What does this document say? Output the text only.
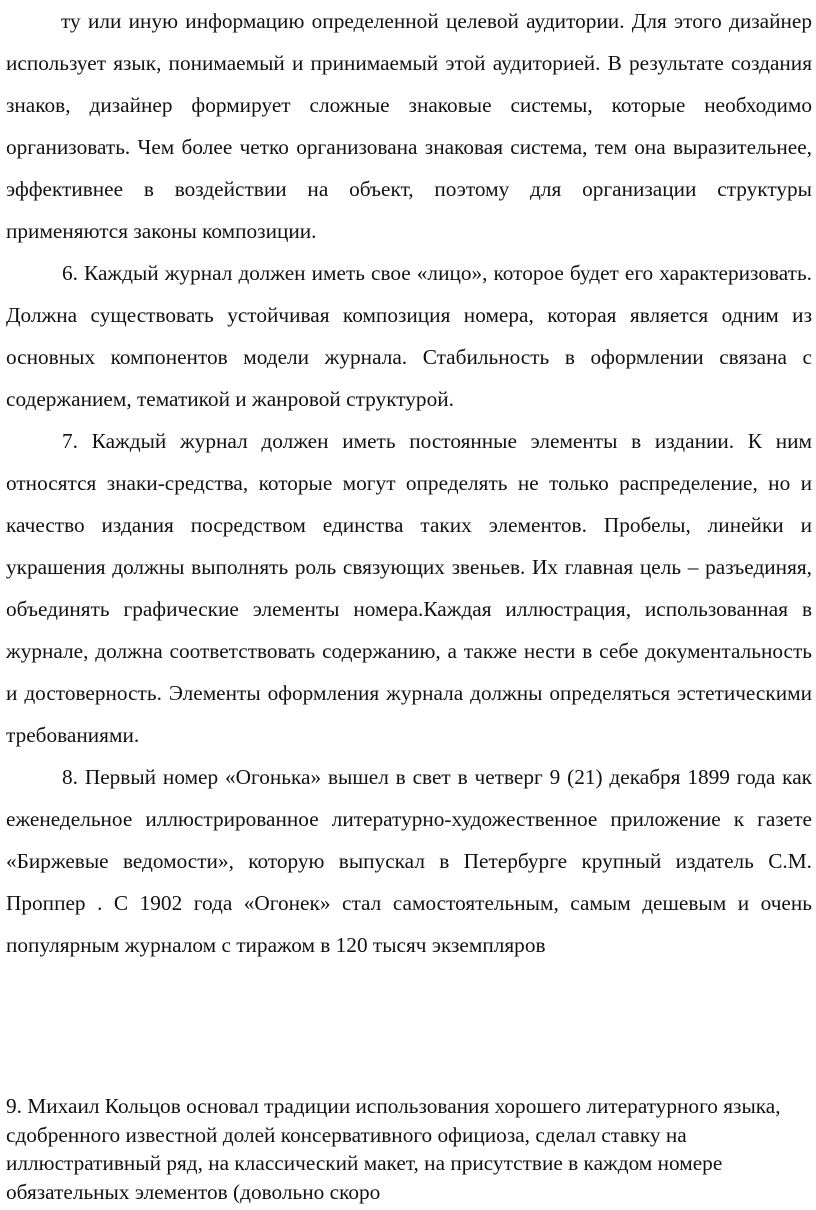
ту или иную информацию определенной целевой аудитории. Для этого дизайнер использует язык, понимаемый и принимаемый этой аудиторией. В результате создания знаков, дизайнер формирует сложные знаковые системы, которые необходимо организовать. Чем более четко организована знаковая система, тем она выразительнее, эффективнее в воздействии на объект, поэтому для организации структуры применяются законы композиции.

6. Каждый журнал должен иметь свое «лицо», которое будет его характеризовать. Должна существовать устойчивая композиция номера, которая является одним из основных компонентов модели журнала. Стабильность в оформлении связана с содержанием, тематикой и жанровой структурой.

7. Каждый журнал должен иметь постоянные элементы в издании. К ним относятся знаки-средства, которые могут определять не только распределение, но и качество издания посредством единства таких элементов. Пробелы, линейки и украшения должны выполнять роль связующих звеньев. Их главная цель – разъединяя, объединять графические элементы номера.Каждая иллюстрация, использованная в журнале, должна соответствовать содержанию, а также нести в себе документальность и достоверность. Элементы оформления журнала должны определяться эстетическими требованиями.

8. Первый номер «Огонька» вышел в свет в четверг 9 (21) декабря 1899 года как еженедельное иллюстрированное литературно-художественное приложение к газете «Биржевые ведомости», которую выпускал в Петербурге крупный издатель С.М. Проппер . С 1902 года «Огонек» стал самостоятельным, самым дешевым и очень популярным журналом с тиражом в 120 тысяч экземпляров

9. Михаил Кольцов основал традиции использования хорошего литературного языка, сдобренного известной долей консервативного официоза, сделал ставку на иллюстративный ряд, на классический макет, на присутствие в каждом номере обязательных элементов (довольно скоро
